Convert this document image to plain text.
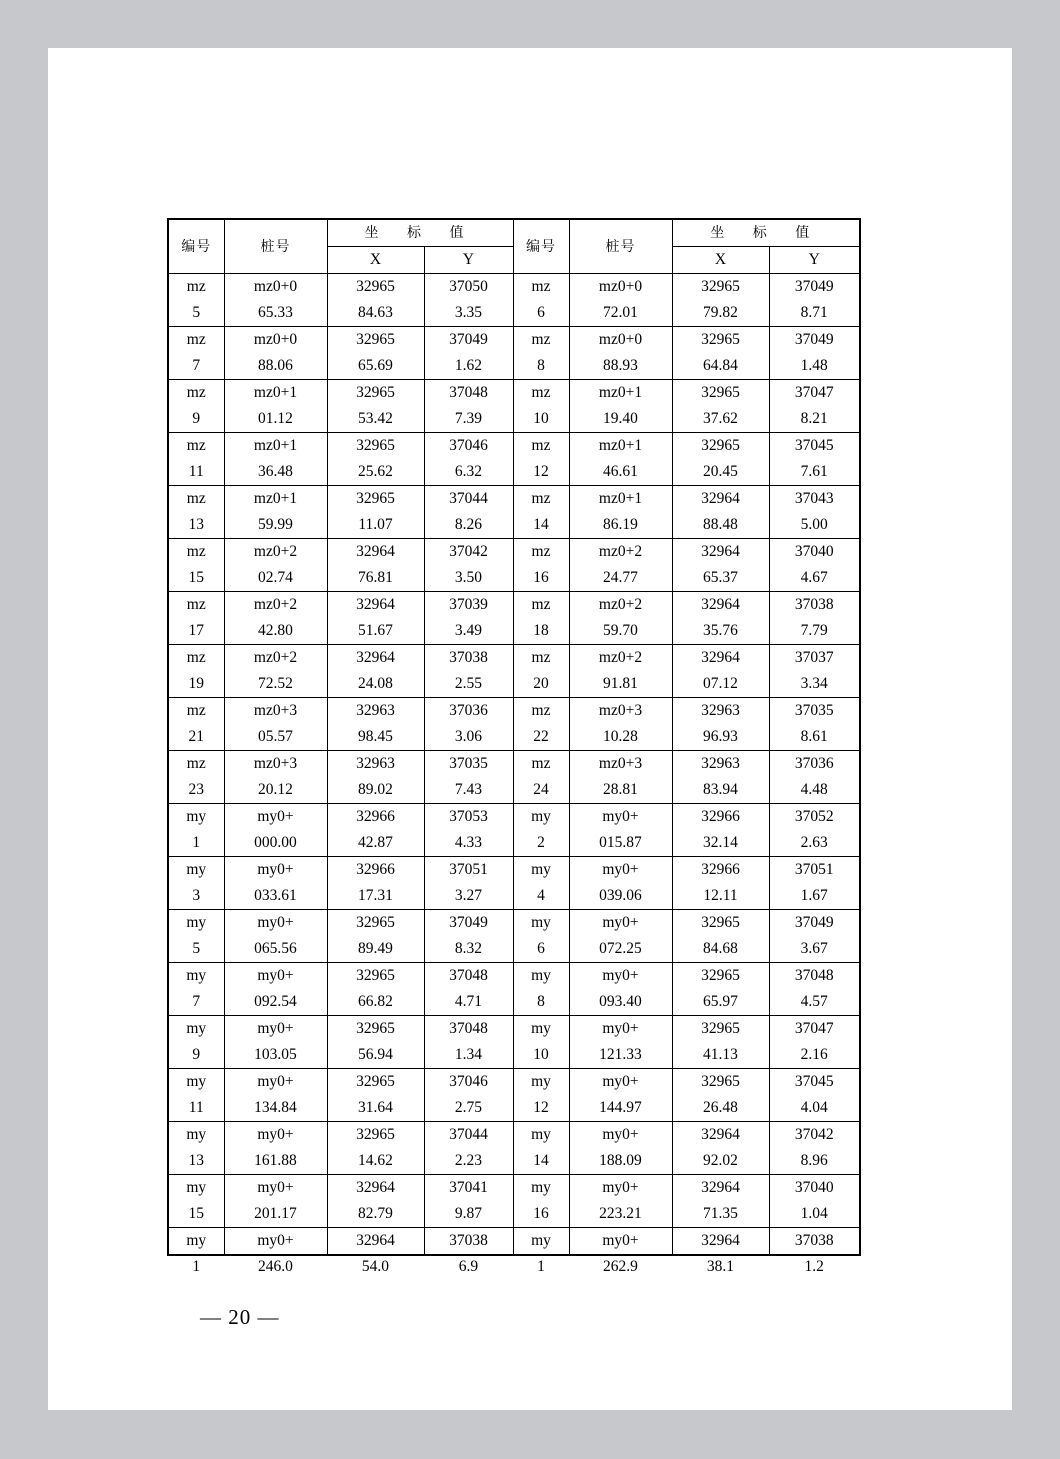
编号	桩号	坐 标 值		编号	桩号	坐 标 值	
		X	Y			X	Y

mz5	mz0+065.33	3296584.63	370503.35	mz6	mz0+072.01	3296579.82	370498.71

mz7	mz0+088.06	3296565.69	370491.62	mz8	mz0+088.93	3296564.84	370491.48

mz9	mz0+101.12	3296553.42	370487.39	mz10	mz0+119.40	3296537.62	370478.21

mz11	mz0+136.48	3296525.62	370466.32	mz12	mz0+146.61	3296520.45	370457.61

mz13	mz0+159.99	3296511.07	370448.26	mz14	mz0+186.19	3296488.48	370435.00

mz15	mz0+202.74	3296476.81	370423.50	mz16	mz0+224.77	3296465.37	370404.67

mz17	mz0+242.80	3296451.67	370393.49	mz18	mz0+259.70	3296435.76	370387.79

mz19	mz0+272.52	3296424.08	370382.55	mz20	mz0+291.81	3296407.12	370373.34

mz21	mz0+305.57	3296398.45	370363.06	mz22	mz0+310.28	3296396.93	370358.61

mz23	mz0+320.12	3296389.02	370357.43	mz24	mz0+328.81	3296383.94	370364.48

my1	my0+000.00	3296642.87	370534.33	my2	my0+015.87	3296632.14	370522.63

my3	my0+033.61	3296617.31	370513.27	my4	my0+039.06	3296612.11	370511.67

my5	my0+065.56	3296589.49	370498.32	my6	my0+072.25	3296584.68	370493.67

my7	my0+092.54	3296566.82	370484.71	my8	my0+093.40	3296565.97	370484.57

my9	my0+103.05	3296556.94	370481.34	my10	my0+121.33	3296541.13	370472.16

my11	my0+134.84	3296531.64	370462.75	my12	my0+144.97	3296526.48	370454.04

my13	my0+161.88	3296514.62	370442.23	my14	my0+188.09	3296492.02	370428.96

my15	my0+201.17	3296482.79	370419.87	my16	my0+223.21	3296471.35	370401.04

my1	my0+246.0	3296454.0	370386.9	my1	my0+262.9	3296438.1	370381.2
— 20 —
